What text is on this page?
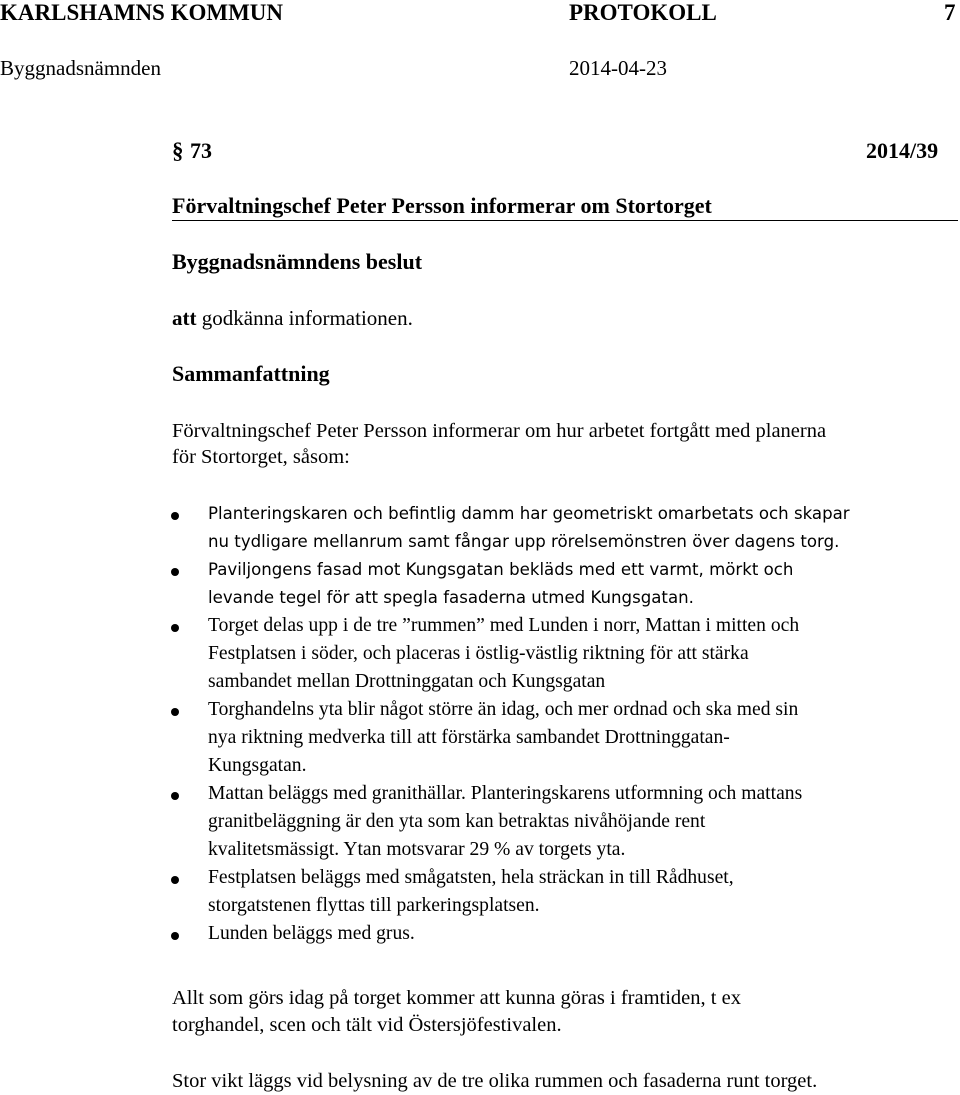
KARLSHAMNS KOMMUN	PROTOKOLL	7
Byggnadsnämnden	2014-04-23
§ 73	2014/39
Förvaltningschef Peter Persson informerar om Stortorget
Byggnadsnämndens beslut
att godkänna informationen.
Sammanfattning
Förvaltningschef Peter Persson informerar om hur arbetet fortgått med planerna
för Stortorget, såsom:
Planteringskaren och befintlig damm har geometriskt omarbetats och skapar
nu tydligare mellanrum samt fångar upp rörelsemönstren över dagens torg.
Paviljongens fasad mot Kungsgatan bekläds med ett varmt, mörkt och
levande tegel för att spegla fasaderna utmed Kungsgatan.
Torget delas upp i de tre ”rummen” med Lunden i norr, Mattan i mitten och
Festplatsen i söder, och placeras i östlig-västlig riktning för att stärka
sambandet mellan Drottninggatan och Kungsgatan
Torghandelns yta blir något större än idag, och mer ordnad och ska med sin
nya riktning medverka till att förstärka sambandet Drottninggatan-
Kungsgatan.
Mattan beläggs med granithällar. Planteringskarens utformning och mattans
granitbeläggning är den yta som kan betraktas nivåhöjande rent
kvalitetsmässigt. Ytan motsvarar 29 % av torgets yta.
Festplatsen beläggs med smågatsten, hela sträckan in till Rådhuset,
storgatstenen flyttas till parkeringsplatsen.
Lunden beläggs med grus.
Allt som görs idag på torget kommer att kunna göras i framtiden, t ex
torghandel, scen och tält vid Östersjöfestivalen.
Stor vikt läggs vid belysning av de tre olika rummen och fasaderna runt torget.
